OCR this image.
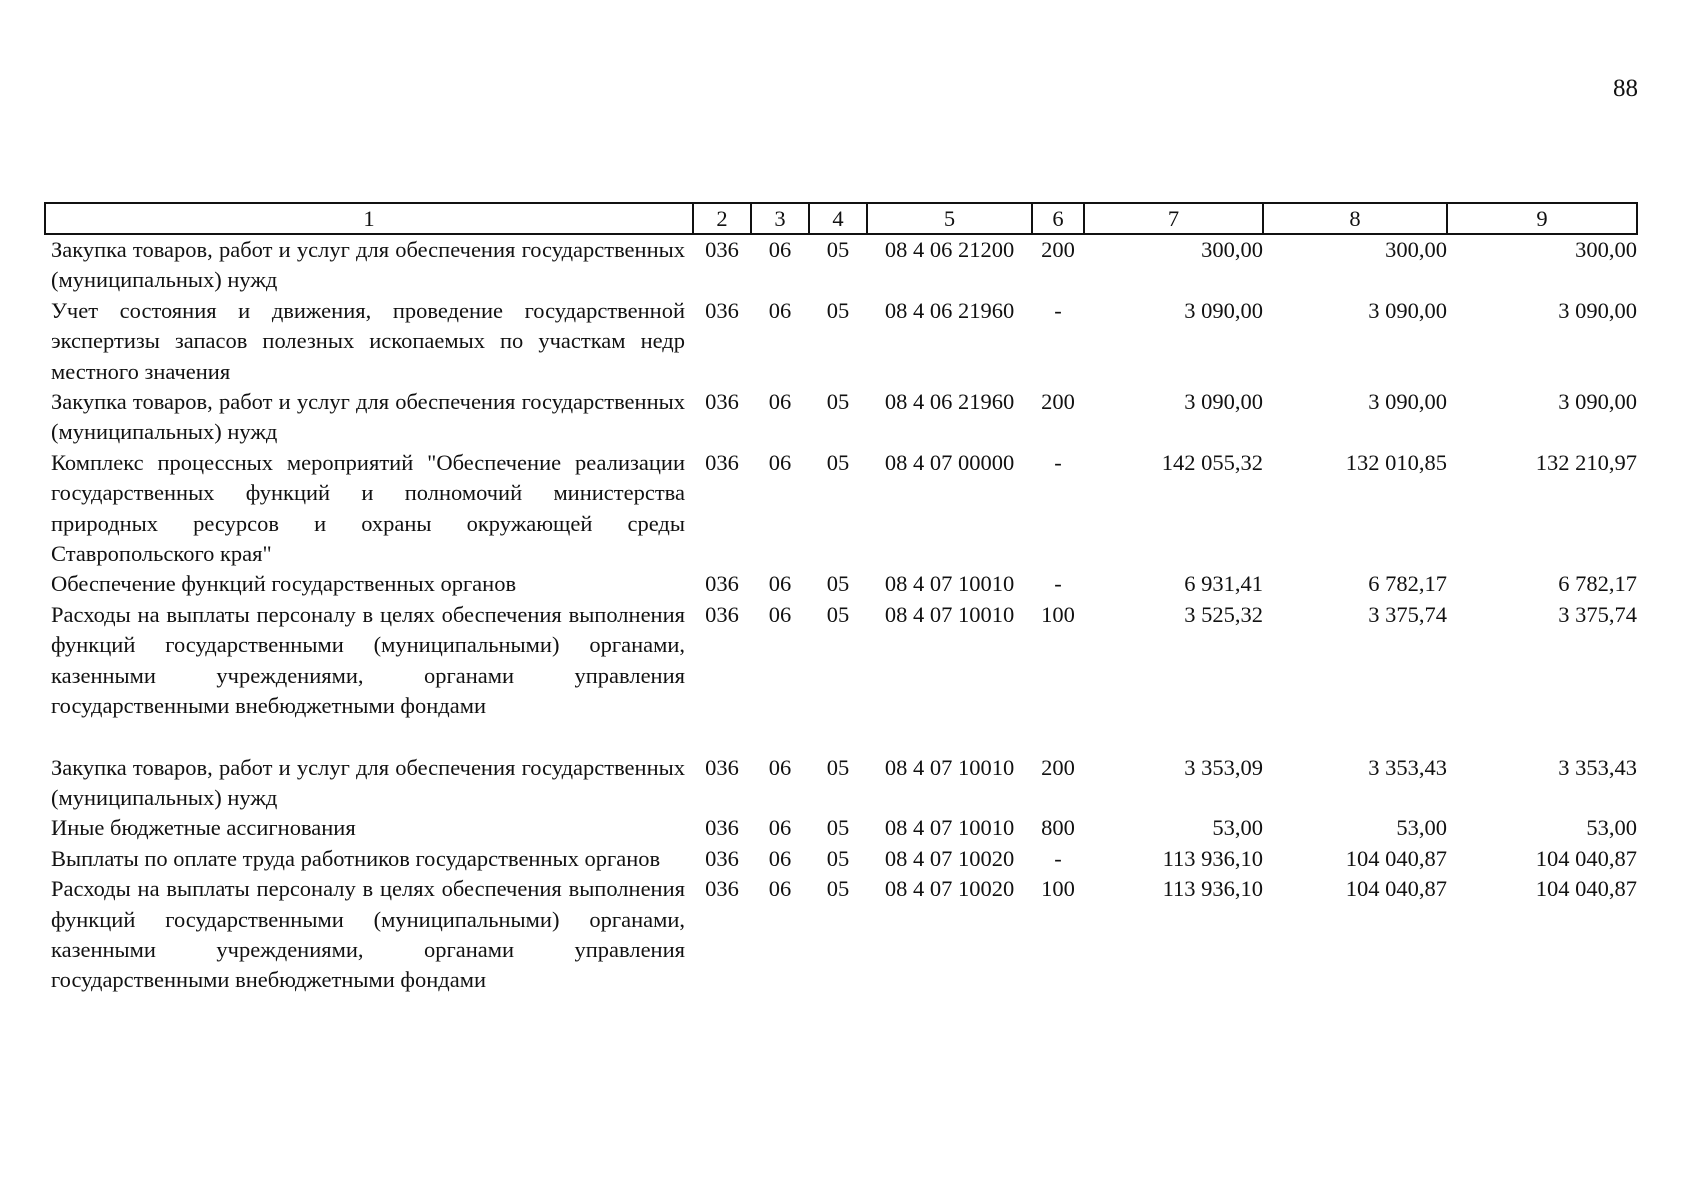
88
1	2	3	4	5	6	7	8	9
Закупка товаров, работ и услуг для обеспечения государственных (муниципальных) нужд	036	06	05	08 4 06 21200	200	300,00	300,00	300,00
Учет состояния и движения, проведение государственной экспертизы запасов полезных ископаемых по участкам недр местного значения	036	06	05	08 4 06 21960	-	3 090,00	3 090,00	3 090,00
Закупка товаров, работ и услуг для обеспечения государственных (муниципальных) нужд	036	06	05	08 4 06 21960	200	3 090,00	3 090,00	3 090,00
Комплекс процессных мероприятий "Обеспечение реализации государственных функций и полномочий министерства природных ресурсов и охраны окружающей среды Ставропольского края"	036	06	05	08 4 07 00000	-	142 055,32	132 010,85	132 210,97
Обеспечение функций государственных органов	036	06	05	08 4 07 10010	-	6 931,41	6 782,17	6 782,17
Расходы на выплаты персоналу в целях обеспечения выполнения функций государственными (муниципальными) органами, казенными учреждениями, органами управления государственными внебюджетными фондами	036	06	05	08 4 07 10010	100	3 525,32	3 375,74	3 375,74

Закупка товаров, работ и услуг для обеспечения государственных (муниципальных) нужд	036	06	05	08 4 07 10010	200	3 353,09	3 353,43	3 353,43
Иные бюджетные ассигнования	036	06	05	08 4 07 10010	800	53,00	53,00	53,00
Выплаты по оплате труда работников государственных органов	036	06	05	08 4 07 10020	-	113 936,10	104 040,87	104 040,87
Расходы на выплаты персоналу в целях обеспечения выполнения функций государственными (муниципальными) органами, казенными учреждениями, органами управления государственными внебюджетными фондами	036	06	05	08 4 07 10020	100	113 936,10	104 040,87	104 040,87
